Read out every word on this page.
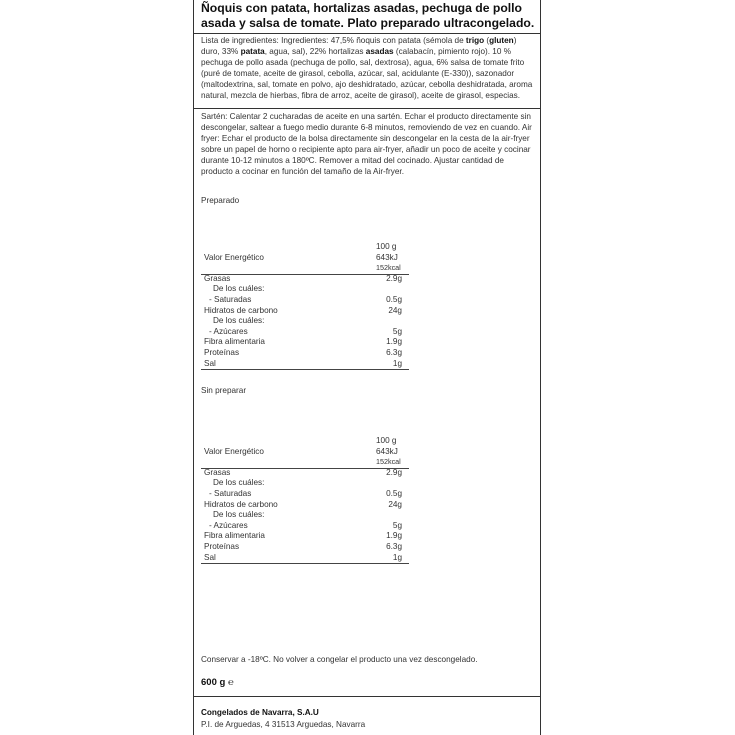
Ñoquis con patata, hortalizas asadas, pechuga de pollo asada y salsa de tomate. Plato preparado ultracongelado.
Lista de ingredientes: Ingredientes: 47,5% ñoquis con patata (sémola de trigo (gluten) duro, 33% patata, agua, sal), 22% hortalizas asadas (calabacín, pimiento rojo). 10 % pechuga de pollo asada (pechuga de pollo, sal, dextrosa), agua, 6% salsa de tomate frito (puré de tomate, aceite de girasol, cebolla, azúcar, sal, acidulante (E-330)), sazonador (maltodextrina, sal, tomate en polvo, ajo deshidratado, azúcar, cebolla deshidratada, aroma natural, mezcla de hierbas, fibra de arroz, aceite de girasol), aceite de girasol, especias.
Sartén: Calentar 2 cucharadas de aceite en una sartén. Echar el producto directamente sin descongelar, saltear a fuego medio durante 6-8 minutos, removiendo de vez en cuando. Air fryer: Echar el producto de la bolsa directamente sin descongelar en la cesta de la air-fryer sobre un papel de horno o recipiente apto para air-fryer, añadir un poco de aceite y cocinar durante 10-12 minutos a 180ºC. Remover a mitad del cocinado. Ajustar cantidad de producto a cocinar en función del tamaño de la Air-fryer.
Preparado
100 g
Valor Energético	643kJ
152kcal
Grasas	2.9g
De los cuáles:
- Saturadas	0.5g
Hidratos de carbono	24g
De los cuáles:
- Azúcares	5g
Fibra alimentaria	1.9g
Proteínas	6.3g
Sal	1g
Sin preparar
100 g
Valor Energético	643kJ
152kcal
Grasas	2.9g
De los cuáles:
- Saturadas	0.5g
Hidratos de carbono	24g
De los cuáles:
- Azúcares	5g
Fibra alimentaria	1.9g
Proteínas	6.3g
Sal	1g
Conservar a -18ºC. No volver a congelar el producto una vez descongelado.
600 g ℮
Congelados de Navarra, S.A.U
P.I. de Arguedas, 4 31513 Arguedas, Navarra
